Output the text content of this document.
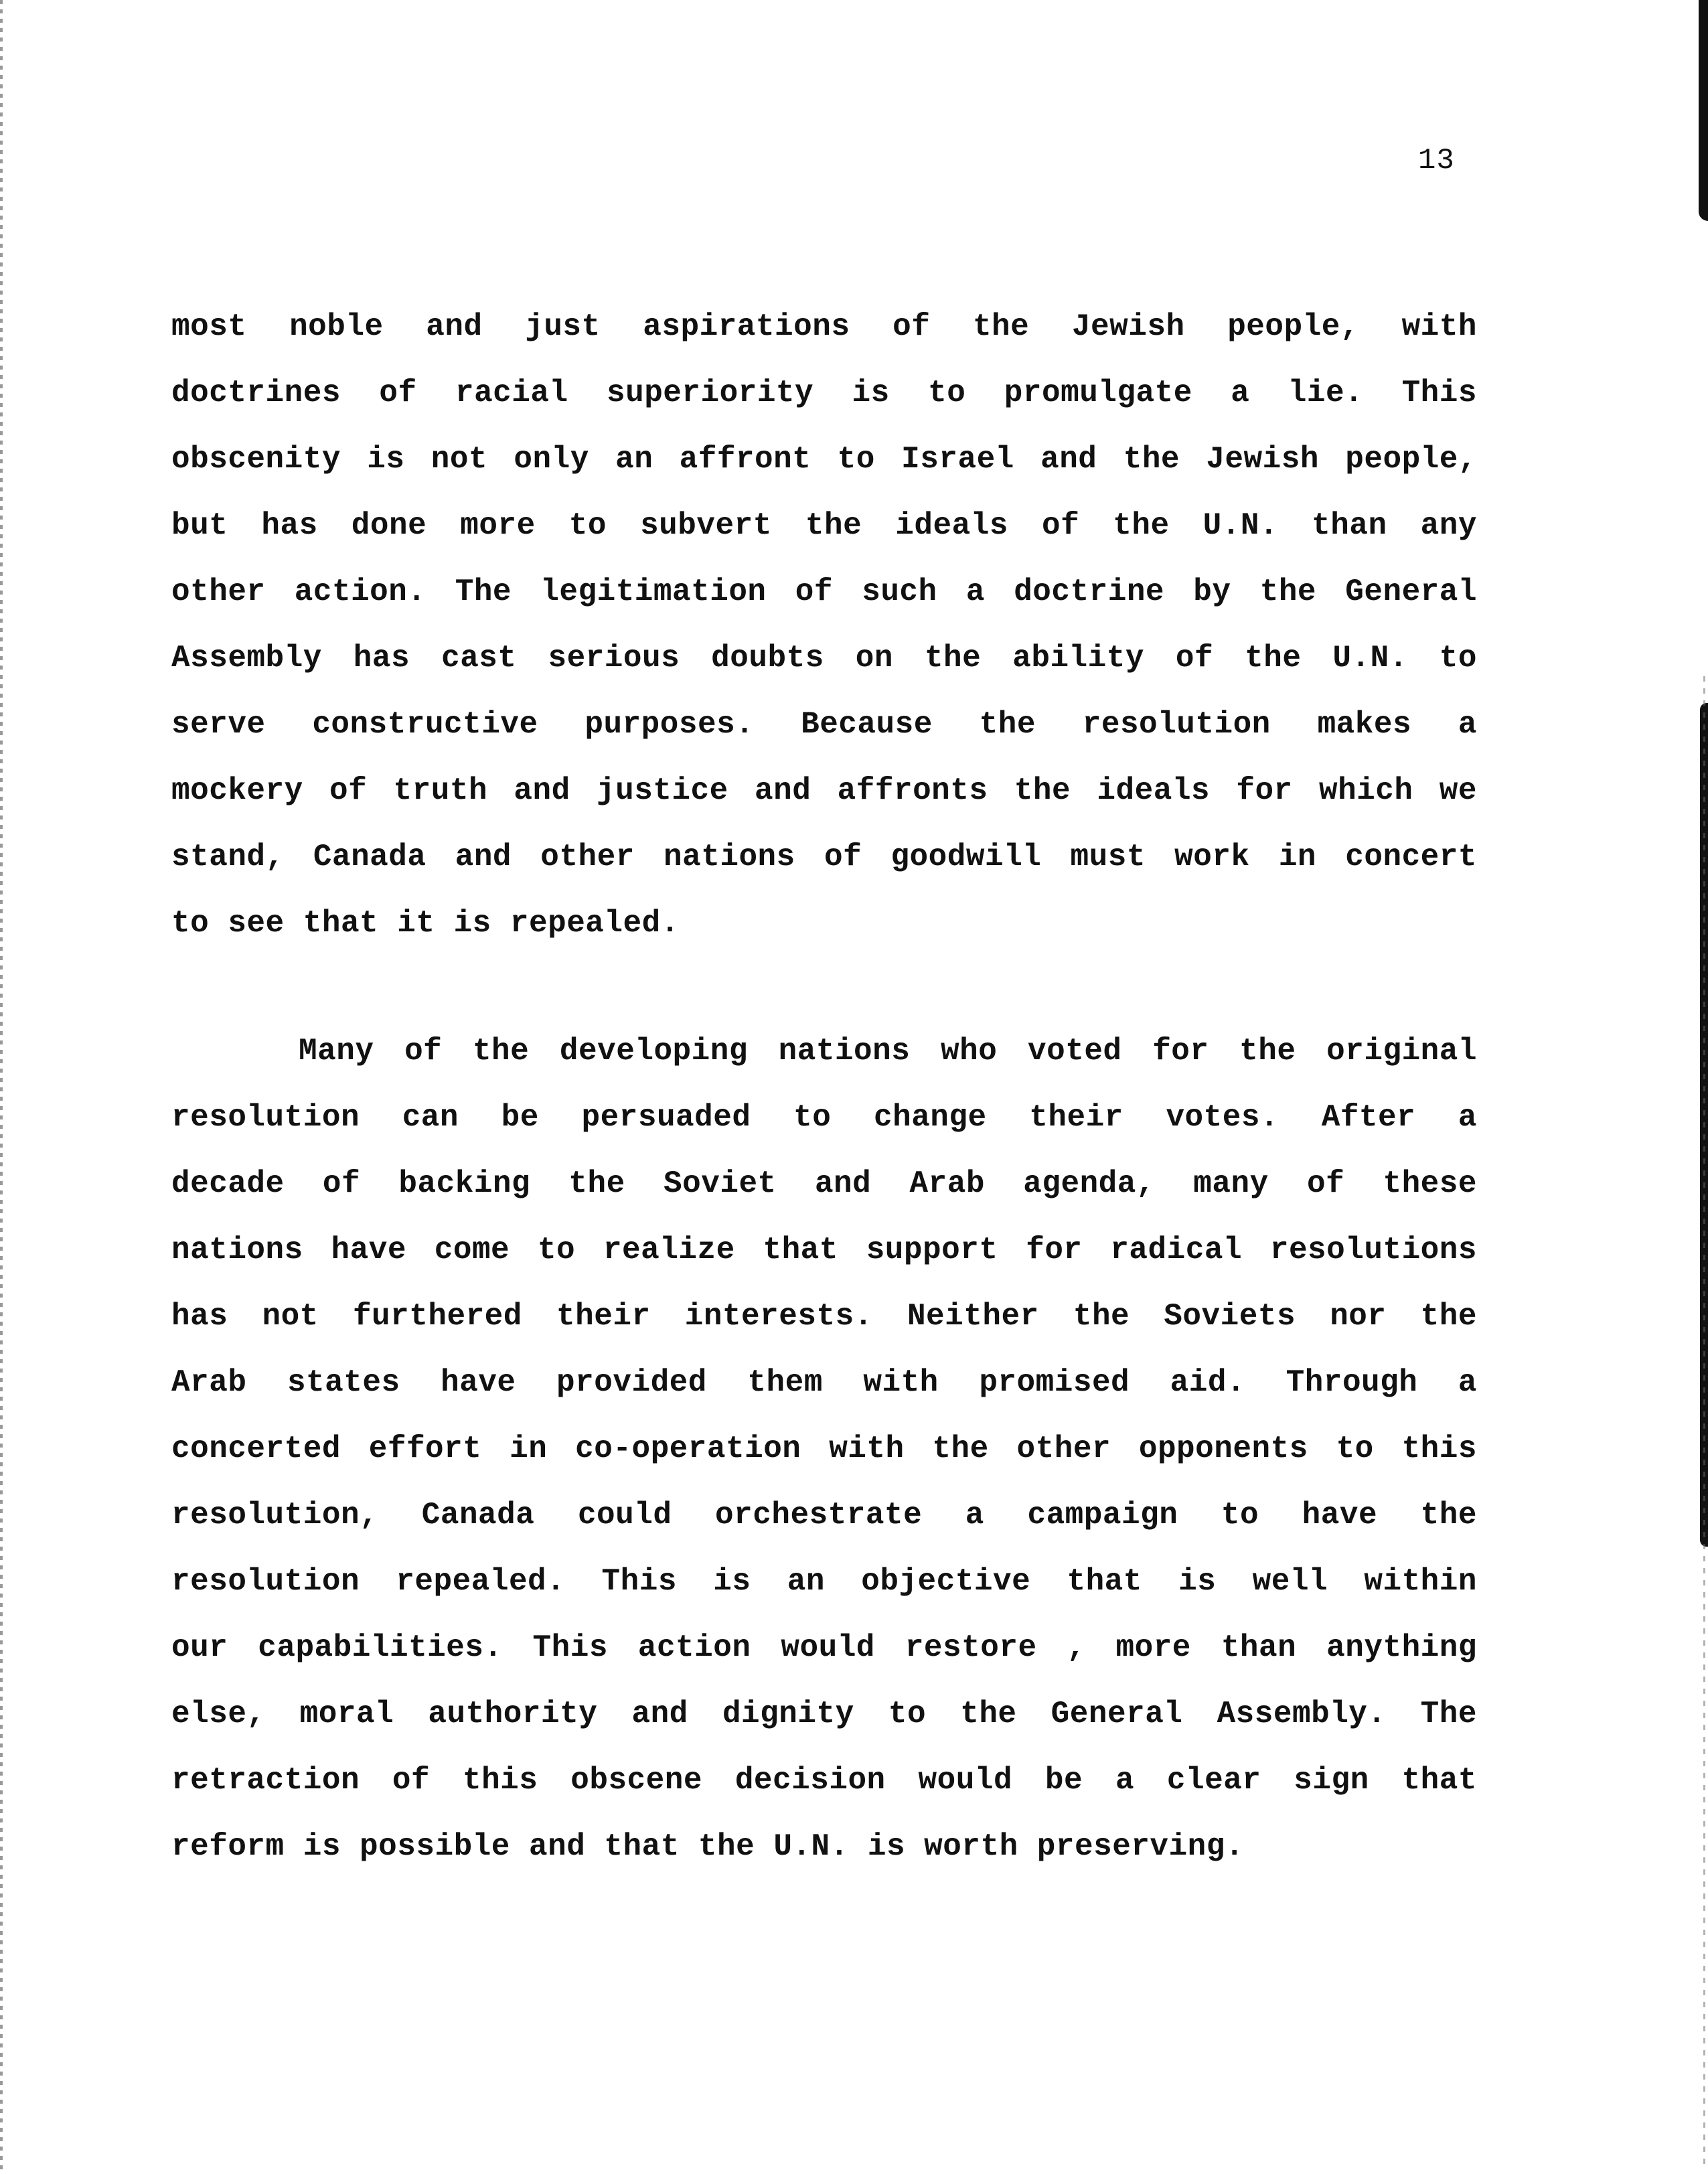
13
most noble and just aspirations of the Jewish people, with
doctrines of racial superiority is to promulgate a lie. This
obscenity is not only an affront to Israel and the Jewish people,
but has done more to subvert the ideals of the U.N. than any
other action. The legitimation of such a doctrine by the General
Assembly has cast serious doubts on the ability of the U.N. to
serve constructive purposes. Because the resolution makes a
mockery of truth and justice and affronts the ideals for which we
stand, Canada and other nations of goodwill must work in concert
to see that it is repealed.
Many of the developing nations who voted for the original
resolution can be persuaded to change their votes. After a
decade of backing the Soviet and Arab agenda, many of these
nations have come to realize that support for radical resolutions
has not furthered their interests. Neither the Soviets nor the
Arab states have provided them with promised aid. Through a
concerted effort in co-operation with the other opponents to this
resolution, Canada could orchestrate a campaign to have the
resolution repealed. This is an objective that is well within
our capabilities. This action would restore , more than anything
else, moral authority and dignity to the General Assembly. The
retraction of this obscene decision would be a clear sign that
reform is possible and that the U.N. is worth preserving.
